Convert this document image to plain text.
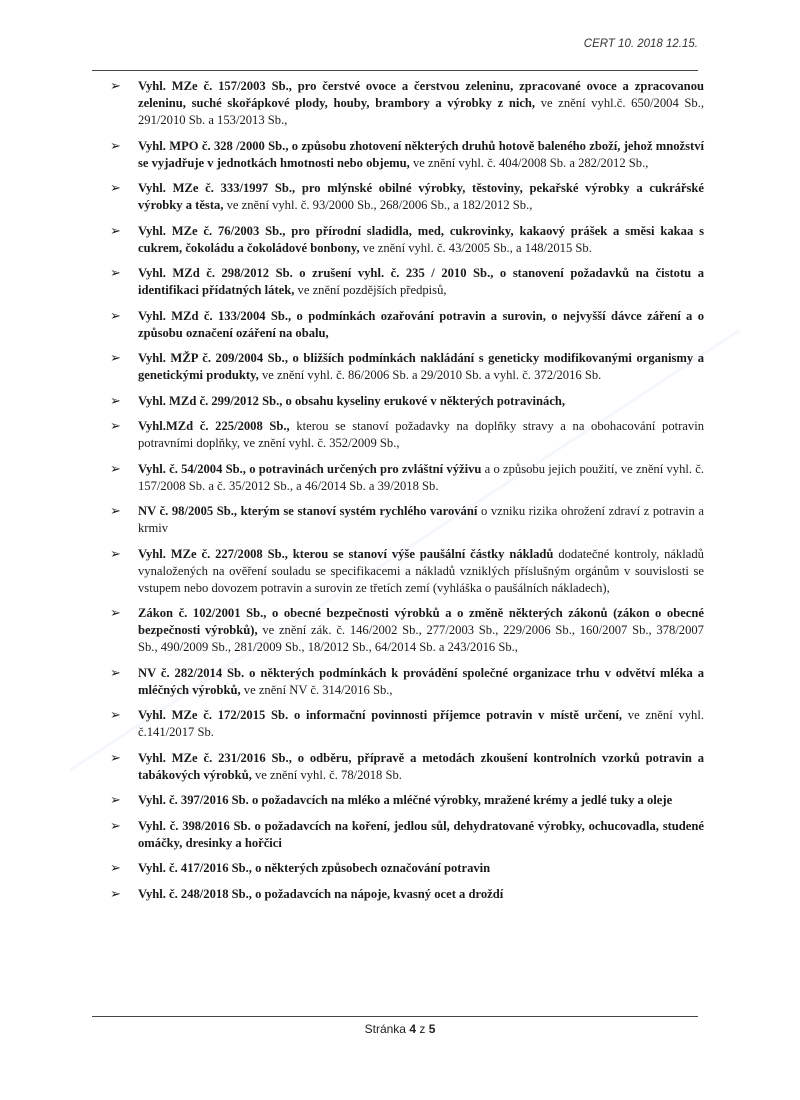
CERT 10. 2018 12.15.
➢ Vyhl. MZe č. 157/2003 Sb., pro čerstvé ovoce a čerstvou zeleninu, zpracované ovoce a zpracovanou zeleninu, suché skořápkové plody, houby, brambory a výrobky z nich, ve znění vyhl.č. 650/2004 Sb., 291/2010 Sb. a 153/2013 Sb.,
➢ Vyhl. MPO č. 328 /2000 Sb., o způsobu zhotovení některých druhů hotově baleného zboží, jehož množství se vyjadřuje v jednotkách hmotnosti nebo objemu, ve znění vyhl. č. 404/2008 Sb. a 282/2012 Sb.,
➢ Vyhl. MZe č. 333/1997 Sb., pro mlýnské obilné výrobky, těstoviny, pekařské výrobky a cukrářské výrobky a těsta, ve znění vyhl. č. 93/2000 Sb., 268/2006 Sb., a 182/2012 Sb.,
➢ Vyhl. MZe č. 76/2003 Sb., pro přírodní sladidla, med, cukrovinky, kakaový prášek a směsi kakaa s cukrem, čokoládu a čokoládové bonbony, ve znění vyhl. č. 43/2005 Sb., a 148/2015 Sb.
➢ Vyhl. MZd č. 298/2012 Sb. o zrušení vyhl. č. 235 / 2010 Sb., o stanovení požadavků na čistotu a identifikaci přídatných látek, ve znění pozdějších předpisů,
➢ Vyhl. MZd č. 133/2004 Sb., o podmínkách ozařování potravin a surovin, o nejvyšší dávce záření a o způsobu označení ozáření na obalu,
➢ Vyhl. MŽP č. 209/2004 Sb., o bližších podmínkách nakládání s geneticky modifikovanými organismy a genetickými produkty, ve znění vyhl. č. 86/2006 Sb. a 29/2010 Sb. a vyhl. č. 372/2016 Sb.
➢ Vyhl. MZd č. 299/2012 Sb., o obsahu kyseliny erukové v některých potravinách,
➢ Vyhl.MZd č. 225/2008 Sb., kterou se stanoví požadavky na doplňky stravy a na obohacování potravin potravními doplňky, ve znění vyhl. č. 352/2009 Sb.,
➢ Vyhl. č. 54/2004 Sb., o potravinách určených pro zvláštní výživu a o způsobu jejich použití, ve znění vyhl. č. 157/2008 Sb. a č. 35/2012 Sb., a 46/2014 Sb. a 39/2018 Sb.
➢ NV č. 98/2005 Sb., kterým se stanoví systém rychlého varování o vzniku rizika ohrožení zdraví z potravin a krmiv
➢ Vyhl. MZe č. 227/2008 Sb., kterou se stanoví výše paušální částky nákladů dodatečné kontroly, nákladů vynaložených na ověření souladu se specifikacemi a nákladů vzniklých příslušným orgánům v souvislosti se vstupem nebo dovozem potravin a surovin ze třetích zemí (vyhláška o paušálních nákladech),
➢ Zákon č. 102/2001 Sb., o obecné bezpečnosti výrobků a o změně některých zákonů (zákon o obecné bezpečnosti výrobků), ve znění zák. č. 146/2002 Sb., 277/2003 Sb., 229/2006 Sb., 160/2007 Sb., 378/2007 Sb., 490/2009 Sb., 281/2009 Sb., 18/2012 Sb., 64/2014 Sb. a 243/2016 Sb.,
➢ NV č. 282/2014 Sb. o některých podmínkách k provádění společné organizace trhu v odvětví mléka a mléčných výrobků, ve znění NV č. 314/2016 Sb.,
➢ Vyhl. MZe č. 172/2015 Sb. o informační povinnosti příjemce potravin v místě určení, ve znění vyhl. č.141/2017 Sb.
➢ Vyhl. MZe č. 231/2016 Sb., o odběru, přípravě a metodách zkoušení kontrolních vzorků potravin a tabákových výrobků, ve znění vyhl. č. 78/2018 Sb.
➢ Vyhl. č. 397/2016 Sb. o požadavcích na mléko a mléčné výrobky, mražené krémy a jedlé tuky a oleje
➢ Vyhl. č. 398/2016 Sb. o požadavcích na koření, jedlou sůl, dehydratované výrobky, ochucovadla, studené omáčky, dresinky a hořčici
➢ Vyhl. č. 417/2016 Sb., o některých způsobech označování potravin
➢ Vyhl. č. 248/2018 Sb., o požadavcích na nápoje, kvasný ocet a droždí
Stránka 4 z 5
